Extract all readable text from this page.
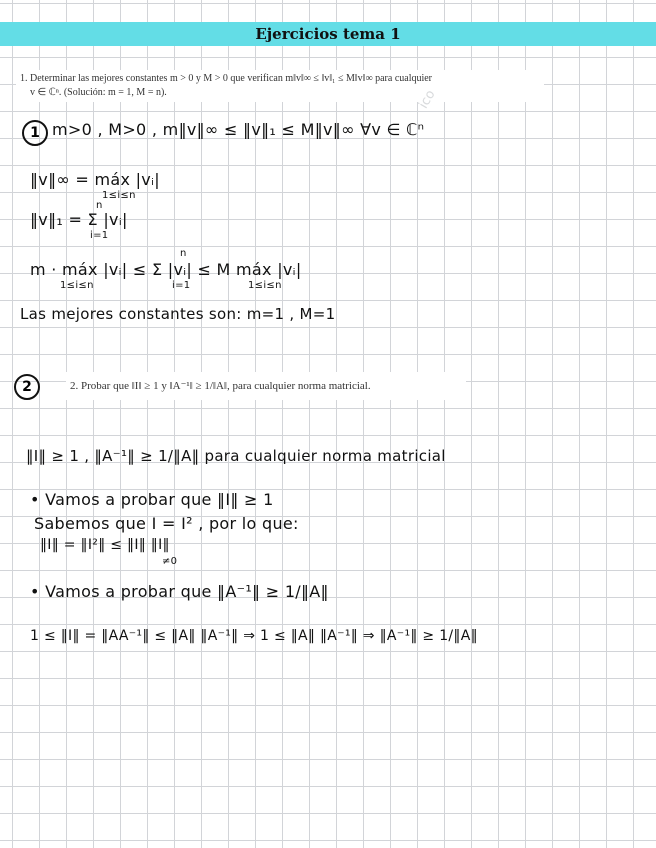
Ejercicios tema 1
1. Determinar las mejores constantes m > 0 y M > 0 que verifican m‖v‖∞ ≤ ‖v‖₁ ≤ M‖v‖∞ para cualquier
v ∈ ℂⁿ. (Solución: m = 1, M = n).	ico
1 m>0 , M>0 , m‖v‖∞ ≤ ‖v‖₁ ≤ M‖v‖∞ ∀v ∈ ℂⁿ
‖v‖∞ = máx |vᵢ|
1≤i≤n
n
‖v‖₁ = Σ |vᵢ|
i=1
n
m · máx |vᵢ| ≤ Σ |vᵢ| ≤ M máx |vᵢ|
1≤i≤n	i=1	1≤i≤n
Las mejores constantes son: m=1 , M=1
2	2. Probar que ‖I‖ ≥ 1 y ‖A⁻¹‖ ≥ 1/‖A‖, para cualquier norma matricial.
‖I‖ ≥ 1 , ‖A⁻¹‖ ≥ 1/‖A‖ para cualquier norma matricial
• Vamos a probar que ‖I‖ ≥ 1
Sabemos que I = I² , por lo que:
‖I‖ = ‖I²‖ ≤ ‖I‖ ‖I‖
≠0
• Vamos a probar que ‖A⁻¹‖ ≥ 1/‖A‖
1 ≤ ‖I‖ = ‖AA⁻¹‖ ≤ ‖A‖ ‖A⁻¹‖ ⇒ 1 ≤ ‖A‖ ‖A⁻¹‖ ⇒ ‖A⁻¹‖ ≥ 1/‖A‖
